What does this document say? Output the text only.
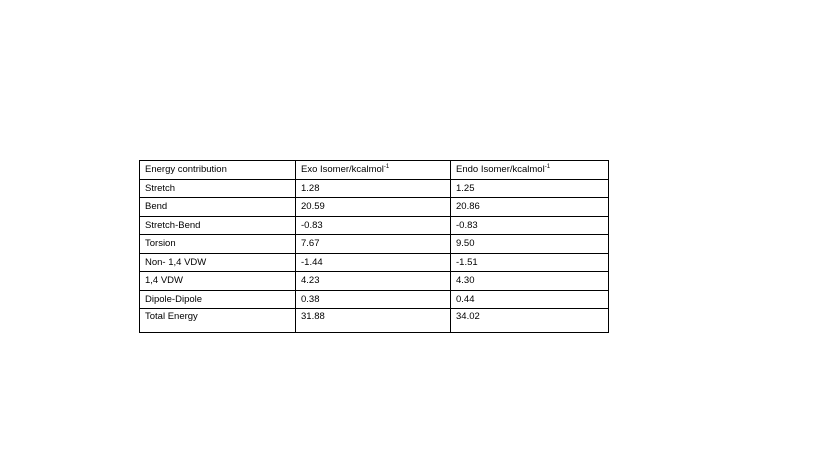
Energy contribution	Exo Isomer/kcalmol$^{-1}$	Endo Isomer/kcalmol$^{-1}$
Stretch	1.28	1.25
Bend	20.59	20.86
Stretch-Bend	-0.83	-0.83
Torsion	7.67	9.50
Non- 1,4 VDW	-1.44	-1.51
1,4 VDW	4.23	4.30
Dipole-Dipole	0.38	0.44
Total Energy	31.88	34.02
